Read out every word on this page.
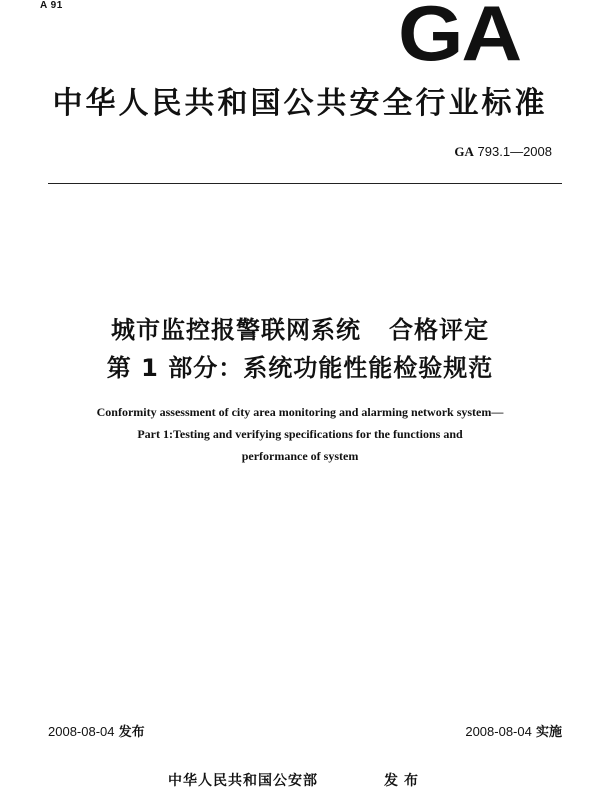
A 91	GA
中华人民共和国公共安全行业标准
GA 793.1—2008
城市监控报警联网系统   合格评定
第 1 部分：系统功能性能检验规范
Conformity assessment of city area monitoring and alarming network system—
Part 1:Testing and verifying specifications for the functions and
performance of system
2008-08-04 发布	2008-08-04 实施
中华人民共和国公安部	发布
